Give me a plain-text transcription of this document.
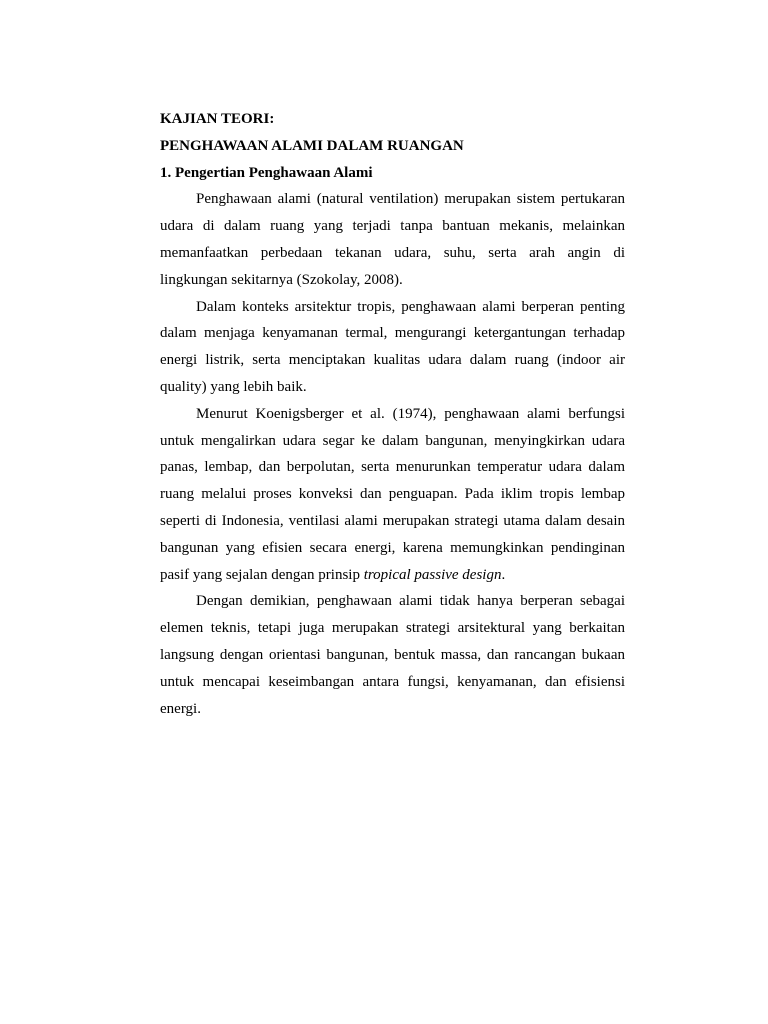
KAJIAN TEORI:

PENGHAWAAN ALAMI DALAM RUANGAN

1. Pengertian Penghawaan Alami

Penghawaan alami (natural ventilation) merupakan sistem pertukaran udara di dalam ruang yang terjadi tanpa bantuan mekanis, melainkan memanfaatkan perbedaan tekanan udara, suhu, serta arah angin di lingkungan sekitarnya (Szokolay, 2008).

Dalam konteks arsitektur tropis, penghawaan alami berperan penting dalam menjaga kenyamanan termal, mengurangi ketergantungan terhadap energi listrik, serta menciptakan kualitas udara dalam ruang (indoor air quality) yang lebih baik.

Menurut Koenigsberger et al. (1974), penghawaan alami berfungsi untuk mengalirkan udara segar ke dalam bangunan, menyingkirkan udara panas, lembap, dan berpolutan, serta menurunkan temperatur udara dalam ruang melalui proses konveksi dan penguapan. Pada iklim tropis lembap seperti di Indonesia, ventilasi alami merupakan strategi utama dalam desain bangunan yang efisien secara energi, karena memungkinkan pendinginan pasif yang sejalan dengan prinsip tropical passive design.

Dengan demikian, penghawaan alami tidak hanya berperan sebagai elemen teknis, tetapi juga merupakan strategi arsitektural yang berkaitan langsung dengan orientasi bangunan, bentuk massa, dan rancangan bukaan untuk mencapai keseimbangan antara fungsi, kenyamanan, dan efisiensi energi.
